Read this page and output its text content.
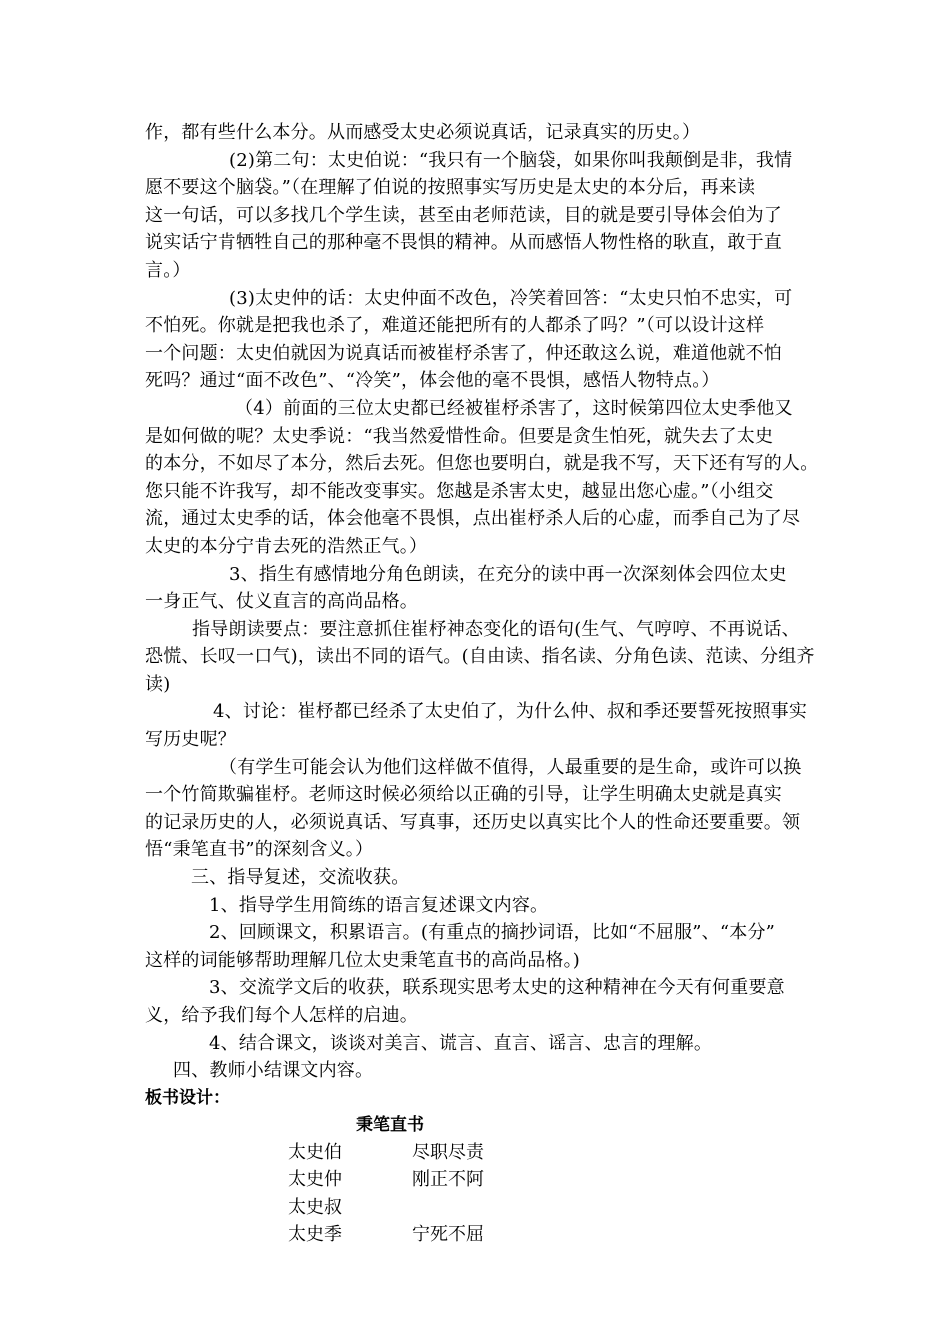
作，都有些什么本分。从而感受太史必须说真话，记录真实的历史。）
(2)第二句：太史伯说：“我只有一个脑袋，如果你叫我颠倒是非，我情
愿不要这个脑袋。”（在理解了伯说的按照事实写历史是太史的本分后，再来读
这一句话，可以多找几个学生读，甚至由老师范读，目的就是要引导体会伯为了
说实话宁肯牺牲自己的那种毫不畏惧的精神。从而感悟人物性格的耿直，敢于直
言。）
(3)太史仲的话：太史仲面不改色，冷笑着回答：“太史只怕不忠实，可
不怕死。你就是把我也杀了，难道还能把所有的人都杀了吗？”（可以设计这样
一个问题：太史伯就因为说真话而被崔杼杀害了，仲还敢这么说，难道他就不怕
死吗？通过“面不改色”、“冷笑”，体会他的毫不畏惧，感悟人物特点。）
（4）前面的三位太史都已经被崔杼杀害了，这时候第四位太史季他又
是如何做的呢？太史季说：“我当然爱惜性命。但要是贪生怕死，就失去了太史
的本分，不如尽了本分，然后去死。但您也要明白，就是我不写，天下还有写的人。
您只能不许我写，却不能改变事实。您越是杀害太史，越显出您心虚。”（小组交
流，通过太史季的话，体会他毫不畏惧，点出崔杼杀人后的心虚，而季自己为了尽
太史的本分宁肯去死的浩然正气。）
3、指生有感情地分角色朗读，在充分的读中再一次深刻体会四位太史
一身正气、仗义直言的高尚品格。
指导朗读要点：要注意抓住崔杼神态变化的语句(生气、气哼哼、不再说话、
恐慌、长叹一口气)，读出不同的语气。(自由读、指名读、分角色读、范读、分组齐
读)
4、讨论：崔杼都已经杀了太史伯了，为什么仲、叔和季还要誓死按照事实
写历史呢？
（有学生可能会认为他们这样做不值得，人最重要的是生命，或许可以换
一个竹简欺骗崔杼。老师这时候必须给以正确的引导，让学生明确太史就是真实
的记录历史的人，必须说真话、写真事，还历史以真实比个人的性命还要重要。领
悟“秉笔直书”的深刻含义。）
三、指导复述，交流收获。
1、指导学生用简练的语言复述课文内容。
2、回顾课文，积累语言。(有重点的摘抄词语，比如“不屈服”、“本分”
这样的词能够帮助理解几位太史秉笔直书的高尚品格。)
3、交流学文后的收获，联系现实思考太史的这种精神在今天有何重要意
义，给予我们每个人怎样的启迪。
4、结合课文，谈谈对美言、谎言、直言、谣言、忠言的理解。
四、教师小结课文内容。
板书设计：
秉笔直书
太史伯	尽职尽责
太史仲	刚正不阿
太史叔
太史季	宁死不屈
